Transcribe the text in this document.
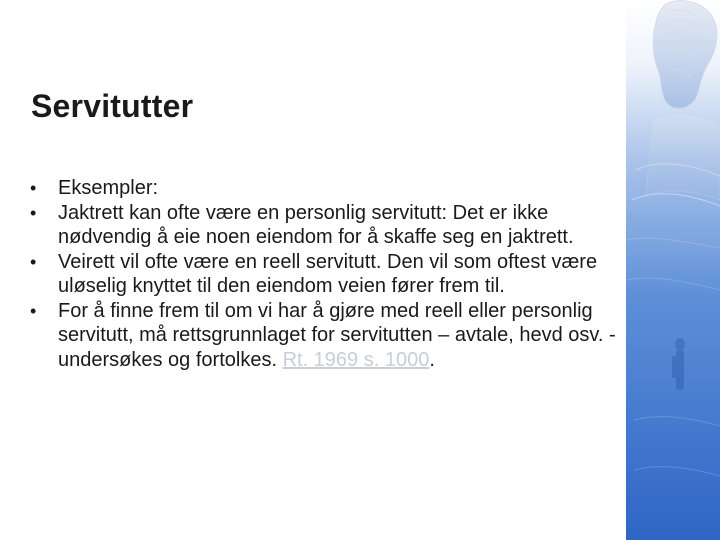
Servitutter
• Eksempler:
• Jaktrett kan ofte være en personlig servitutt: Det er ikke nødvendig å eie noen eiendom for å skaffe seg en jaktrett.
• Veirett vil ofte være en reell servitutt. Den vil som oftest være uløselig knyttet til den eiendom veien fører frem til.
• For å finne frem til om vi har å gjøre med reell eller personlig servitutt, må rettsgrunnlaget for servitutten – avtale, hevd osv. - undersøkes og fortolkes. Rt. 1969 s. 1000.
